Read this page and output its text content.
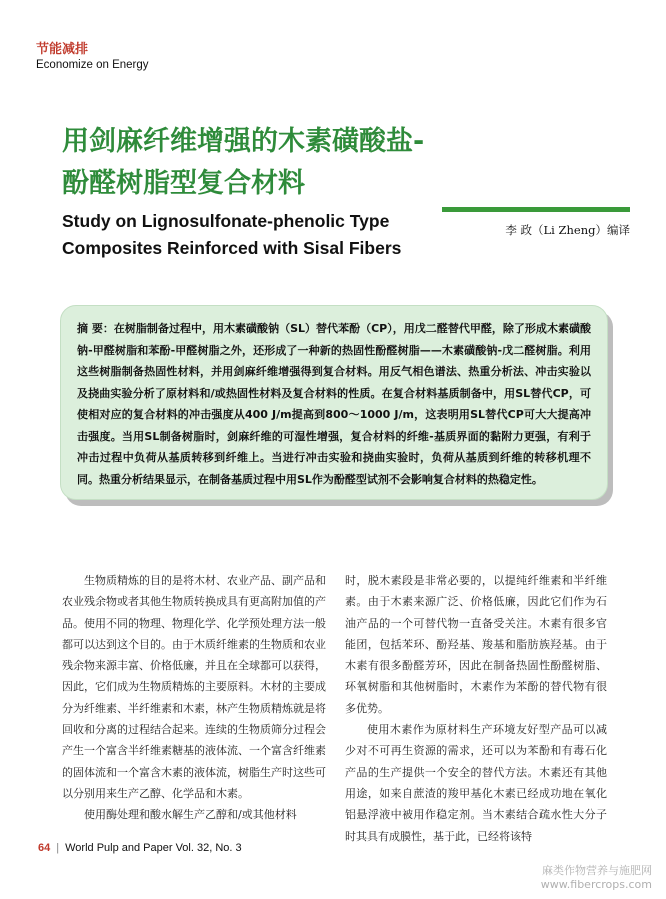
节能减排
Economize on Energy
用剑麻纤维增强的木素磺酸盐-
酚醛树脂型复合材料
Study on Lignosulfonate-phenolic Type
Composites Reinforced with Sisal Fibers
李 政（Li Zheng）编译

摘 要：在树脂制备过程中，用木素磺酸钠（SL）替代苯酚（CP），用戊二醛替代甲醛，除了形成木素磺酸钠-甲醛树脂和苯酚-甲醛树脂之外，还形成了一种新的热固性酚醛树脂——木素磺酸钠-戊二醛树脂。利用这些树脂制备热固性材料，并用剑麻纤维增强得到复合材料。用反气相色谱法、热重分析法、冲击实验以及挠曲实验分析了原材料和/或热固性材料及复合材料的性质。在复合材料基质制备中，用SL替代CP，可使相对应的复合材料的冲击强度从400 J/m提高到800～1000 J/m，这表明用SL替代CP可大大提高冲击强度。当用SL制备树脂时，剑麻纤维的可湿性增强，复合材料的纤维-基质界面的黏附力更强，有利于冲击过程中负荷从基质转移到纤维上。当进行冲击实验和挠曲实验时，负荷从基质到纤维的转移机理不同。热重分析结果显示，在制备基质过程中用SL作为酚醛型试剂不会影响复合材料的热稳定性。

生物质精炼的目的是将木材、农业产品、副产品和农业残余物或者其他生物质转换成具有更高附加值的产品。使用不同的物理、物理化学、化学预处理方法一般都可以达到这个目的。由于木质纤维素的生物质和农业残余物来源丰富、价格低廉，并且在全球都可以获得，因此，它们成为生物质精炼的主要原料。木材的主要成分为纤维素、半纤维素和木素，林产生物质精炼就是将回收和分离的过程结合起来。连续的生物质筛分过程会产生一个富含半纤维素糖基的液体流、一个富含纤维素的固体流和一个富含木素的液体流，树脂生产时这些可以分别用来生产乙醇、化学品和木素。

使用酶处理和酸水解生产乙醇和/或其他材料

时，脱木素段是非常必要的，以提纯纤维素和半纤维素。由于木素来源广泛、价格低廉，因此它们作为石油产品的一个可替代物一直备受关注。木素有很多官能团，包括苯环、酚羟基、羧基和脂肪族羟基。由于木素有很多酚醛芳环，因此在制备热固性酚醛树脂、环氧树脂和其他树脂时，木素作为苯酚的替代物有很多优势。

使用木素作为原材料生产环境友好型产品可以减少对不可再生资源的需求，还可以为苯酚和有毒石化产品的生产提供一个安全的替代方法。木素还有其他用途，如来自蔗渣的羧甲基化木素已经成功地在氧化铝悬浮液中被用作稳定剂。当木素结合疏水性大分子时其具有成膜性，基于此，已经将该特

64 | World Pulp and Paper Vol. 32, No. 3
麻类作物营养与施肥网
www.fibercrops.com
